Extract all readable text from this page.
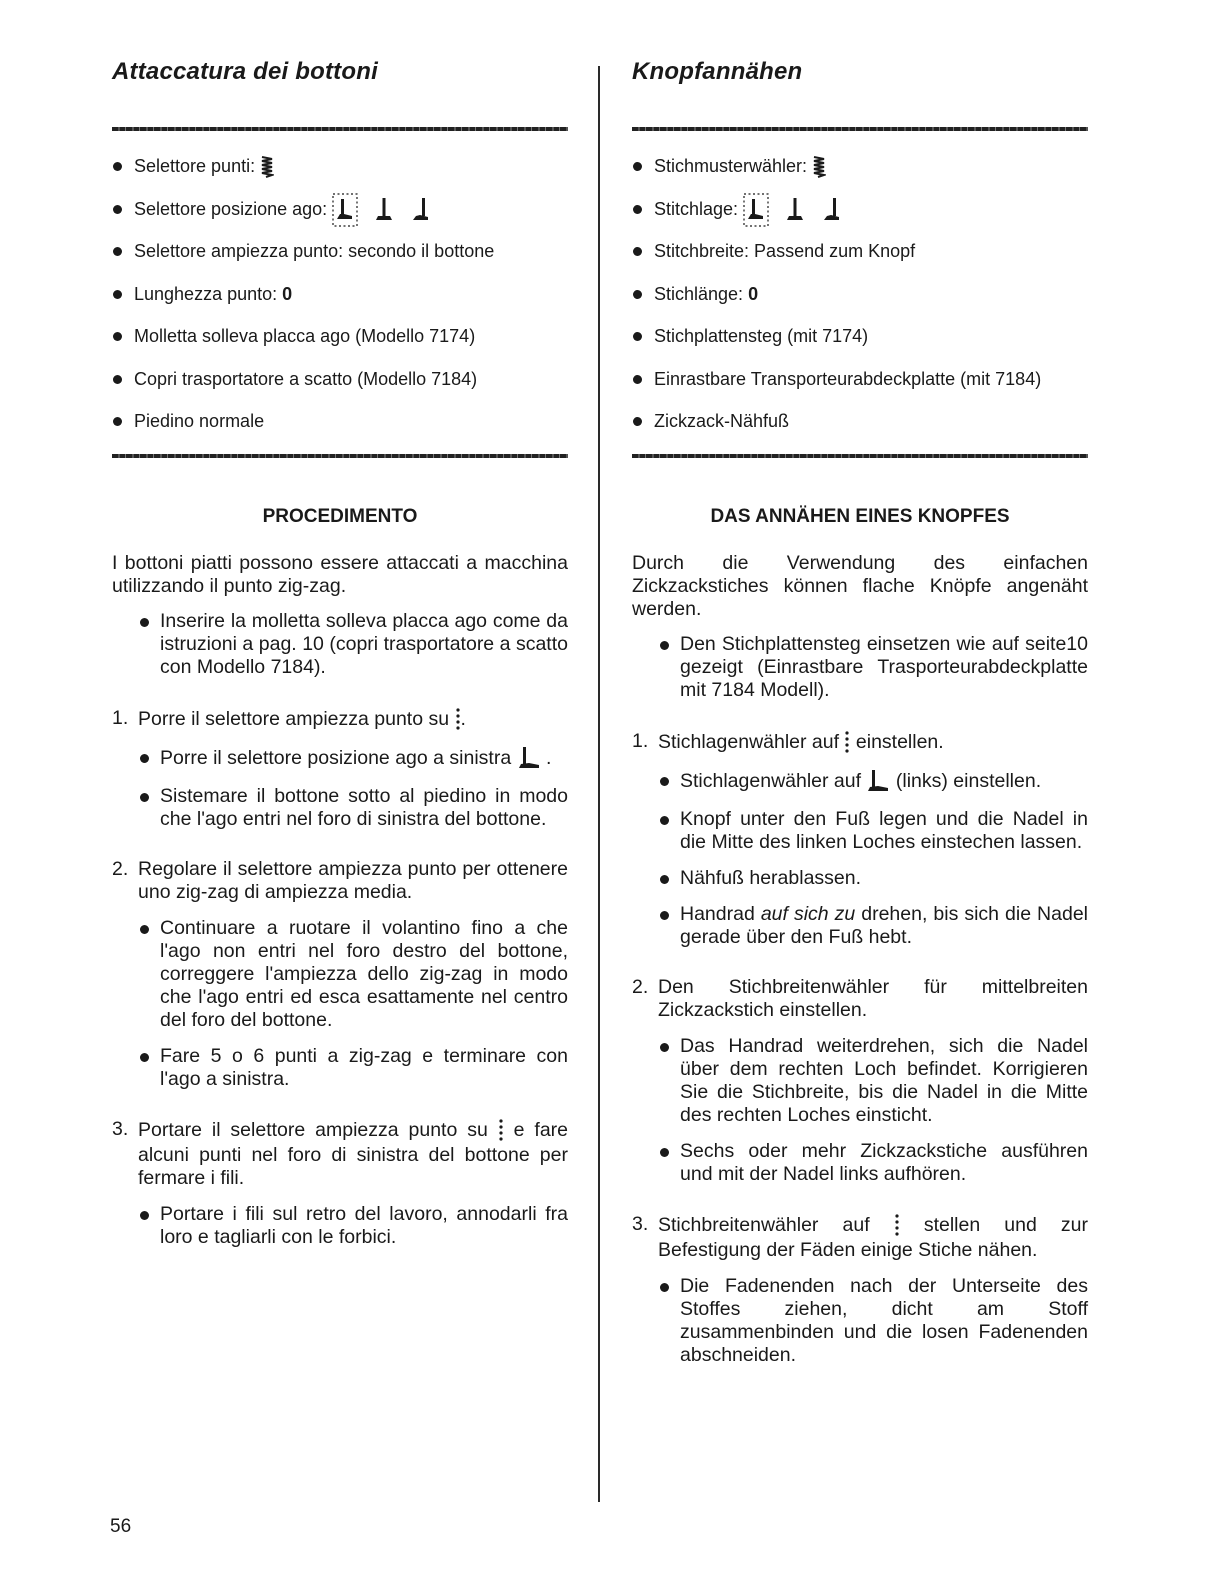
Attaccatura dei bottoni
Selettore punti:
Selettore posizione ago:
Selettore ampiezza punto: secondo il bottone
Lunghezza punto: 0
Molletta solleva placca ago (Modello 7174)
Copri trasportatore a scatto (Modello 7184)
Piedino normale
PROCEDIMENTO

I bottoni piatti possono essere attaccati a macchina utilizzando il punto zig-zag.

Inserire la molletta solleva placca ago come da istruzioni a pag. 10 (copri trasportatore a scatto con Modello 7184).

1. Porre il selettore ampiezza punto su .

Porre il selettore posizione ago a sinistra .

Sistemare il bottone sotto al piedino in modo che l'ago entri nel foro di sinistra del bottone.

2. Regolare il selettore ampiezza punto per ottenere uno zig-zag di ampiezza media.

Continuare a ruotare il volantino fino a che l'ago non entri nel foro destro del bottone, correggere l'ampiezza dello zig-zag in modo che l'ago entri ed esca esattamente nel centro del foro del bottone.

Fare 5 o 6 punti a zig-zag e terminare con l'ago a sinistra.

3. Portare il selettore ampiezza punto su e fare alcuni punti nel foro di sinistra del bottone per fermare i fili.

Portare i fili sul retro del lavoro, annodarli fra loro e tagliarli con le forbici.

Knopfannähen
Stichmusterwähler:
Stitchlage:
Stitchbreite: Passend zum Knopf
Stichlänge: 0
Stichplattensteg (mit 7174)
Einrastbare Transporteurabdeckplatte (mit 7184)
Zickzack-Nähfuß
DAS ANNÄHEN EINES KNOPFES

Durch die Verwendung des einfachen Zickzackstiches können flache Knöpfe angenäht werden.

Den Stichplattensteg einsetzen wie auf seite10 gezeigt (Einrastbare Trasporteurabdeckplatte mit 7184 Modell).

1. Stichlagenwähler auf einstellen.

Stichlagenwähler auf (links) einstellen.

Knopf unter den Fuß legen und die Nadel in die Mitte des linken Loches einstechen lassen.

Nähfuß herablassen.

Handrad auf sich zu drehen, bis sich die Nadel gerade über den Fuß hebt.

2. Den Stichbreitenwähler für mittelbreiten Zickzackstich einstellen.

Das Handrad weiterdrehen, sich die Nadel über dem rechten Loch befindet. Korrigieren Sie die Stichbreite, bis die Nadel in die Mitte des rechten Loches einsticht.

Sechs oder mehr Zickzackstiche ausführen und mit der Nadel links aufhören.

3. Stichbreitenwähler auf	stellen und zur Befestigung der Fäden einige Stiche nähen.

Die Fadenenden nach der Unterseite des Stoffes ziehen, dicht am Stoff zusammenbinden und die losen Fadenenden abschneiden.

56
